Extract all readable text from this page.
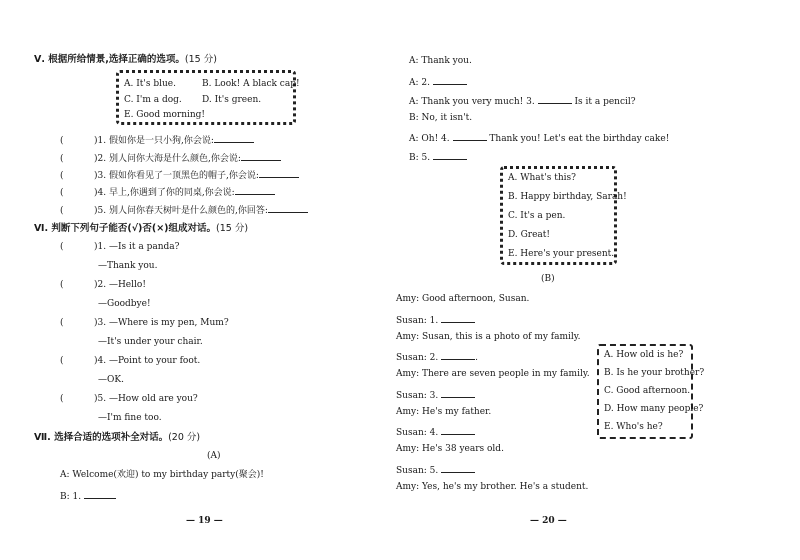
Ⅴ. 根据所给情景,选择正确的选项。(15 分)
A. It's blue.	B. Look! A black cap!
C. I'm a dog. D. It's green.
E. Good morning!
(	)1. 假如你是一只小狗,你会说:
(	)2. 别人问你大海是什么颜色,你会说:
(	)3. 假如你看见了一顶黑色的帽子,你会说:
(	)4. 早上,你遇到了你的同桌,你会说:
(	)5. 别人问你春天树叶是什么颜色的,你回答:
Ⅵ. 判断下列句子能否(√)否(×)组成对话。(15 分)
(	)1. —Is it a panda?
—Thank you.
(	)2. —Hello!
—Goodbye!
(	)3. —Where is my pen, Mum?
—It's under your chair.
(	)4. —Point to your foot.
—OK.
(	)5. —How old are you?
—I'm fine too.
Ⅶ. 选择合适的选项补全对话。(20 分)
(A)
A: Welcome(欢迎) to my birthday party(聚会)!
B: 1.
— 19 —
A: Thank you.
A: 2.
A: Thank you very much! 3.	Is it a pencil?
B: No, it isn't.
A: Oh! 4.	Thank you! Let's eat the birthday cake!
B: 5.
A. What's this?
B. Happy birthday, Sarah!
C. It's a pen.
D. Great!
E. Here's your present.
(B)
Amy: Good afternoon, Susan.
Susan: 1.
Amy: Susan, this is a photo of my family.
Susan: 2.	.
Amy: There are seven people in my family.
Susan: 3.
Amy: He's my father.
Susan: 4.
Amy: He's 38 years old.
Susan: 5.
Amy: Yes, he's my brother. He's a student.
A. How old is he?
B. Is he your brother?
C. Good afternoon.
D. How many people?
E. Who's he?
— 20 —
